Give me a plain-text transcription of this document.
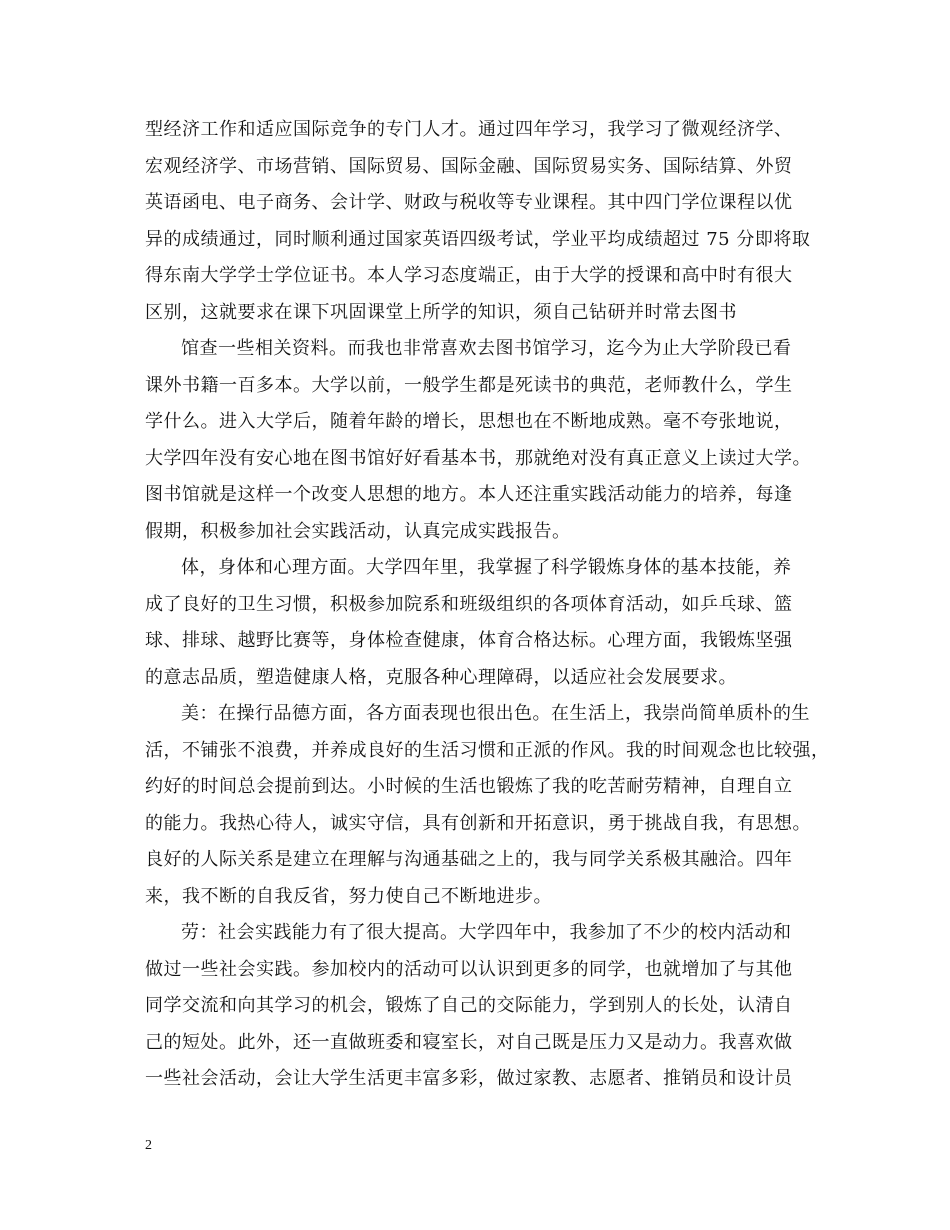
型经济工作和适应国际竞争的专门人才。通过四年学习，我学习了微观经济学、
宏观经济学、市场营销、国际贸易、国际金融、国际贸易实务、国际结算、外贸
英语函电、电子商务、会计学、财政与税收等专业课程。其中四门学位课程以优
异的成绩通过，同时顺利通过国家英语四级考试，学业平均成绩超过 75 分即将取
得东南大学学士学位证书。本人学习态度端正，由于大学的授课和高中时有很大
区别，这就要求在课下巩固课堂上所学的知识，须自己钻研并时常去图书

馆查一些相关资料。而我也非常喜欢去图书馆学习，迄今为止大学阶段已看
课外书籍一百多本。大学以前，一般学生都是死读书的典范，老师教什么，学生
学什么。进入大学后，随着年龄的增长，思想也在不断地成熟。毫不夸张地说，
大学四年没有安心地在图书馆好好看基本书，那就绝对没有真正意义上读过大学。
图书馆就是这样一个改变人思想的地方。本人还注重实践活动能力的培养，每逢
假期，积极参加社会实践活动，认真完成实践报告。

体，身体和心理方面。大学四年里，我掌握了科学锻炼身体的基本技能，养
成了良好的卫生习惯，积极参加院系和班级组织的各项体育活动，如乒乓球、篮
球、排球、越野比赛等，身体检查健康，体育合格达标。心理方面，我锻炼坚强
的意志品质，塑造健康人格，克服各种心理障碍，以适应社会发展要求。

美：在操行品德方面，各方面表现也很出色。在生活上，我崇尚简单质朴的生
活，不铺张不浪费，并养成良好的生活习惯和正派的作风。我的时间观念也比较强，
约好的时间总会提前到达。小时候的生活也锻炼了我的吃苦耐劳精神，自理自立
的能力。我热心待人，诚实守信，具有创新和开拓意识，勇于挑战自我，有思想。
良好的人际关系是建立在理解与沟通基础之上的，我与同学关系极其融洽。四年
来，我不断的自我反省，努力使自己不断地进步。

劳：社会实践能力有了很大提高。大学四年中，我参加了不少的校内活动和
做过一些社会实践。参加校内的活动可以认识到更多的同学，也就增加了与其他
同学交流和向其学习的机会，锻炼了自己的交际能力，学到别人的长处，认清自
己的短处。此外，还一直做班委和寝室长，对自己既是压力又是动力。我喜欢做
一些社会活动，会让大学生活更丰富多彩，做过家教、志愿者、推销员和设计员

2
